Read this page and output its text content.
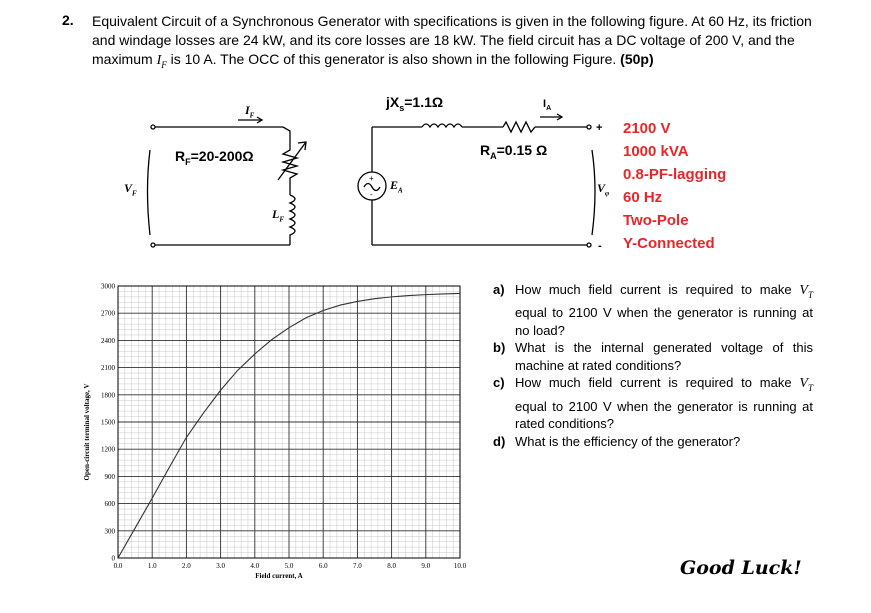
2. Equivalent Circuit of a Synchronous Generator with specifications is given in the following figure. At 60 Hz, its friction and windage losses are 24 kW, and its core losses are 18 kW. The field circuit has a DC voltage of 200 V, and the maximum $I_F$ is 10 A. The OCC of this generator is also shown in the following Figure. (50p)
+
-
+
-
$I_F$
$R_F=20-200\Omega$
$V_F$
$L_F$
$jX_s=1.1\Omega$	$I_A$
$R_A=0.15$ Ω
$E_A$	$V_\varphi$
2100 V
1000 kVA
0.8-PF-lagging
60 Hz
Two-Pole
Y-Connected
0.0	1.0	2.0	3.0	4.0	5.0	6.0	7.0	8.0	9.0	10.0
0
300
600
900
1200
1500
1800
2100
2400
2700
3000
Field current, A
Open-circuit terminal voltage, V
a) How much field current is required to make $V_T$ equal to 2100 V when the generator is running at no load?
b) What is the internal generated voltage of this machine at rated conditions?
c) How much field current is required to make $V_T$ equal to 2100 V when the generator is running at rated conditions?
d) What is the efficiency of the generator?
Good Luck!
